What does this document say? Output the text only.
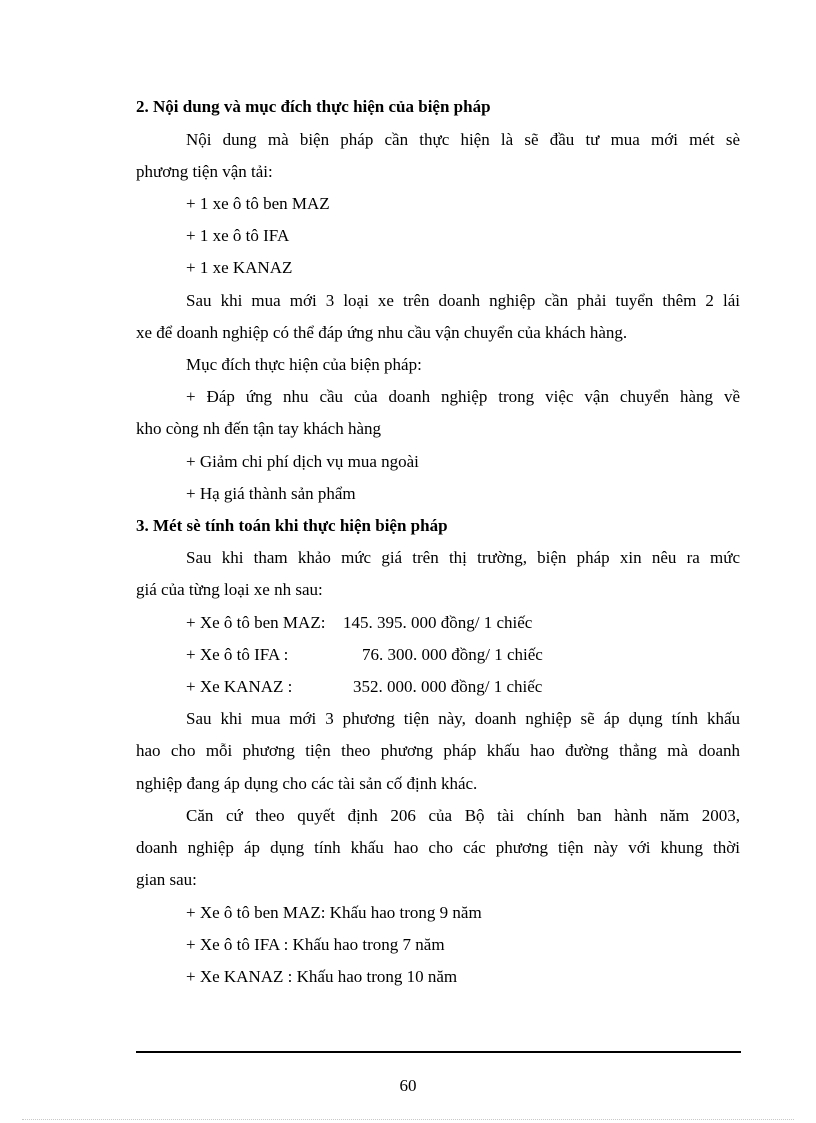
2. Nội dung và mục đích thực hiện của biện pháp
Nội dung mà biện pháp cần thực hiện là sẽ đầu tư mua mới mét sè
phương tiện vận tải:
+ 1 xe ô tô ben MAZ
+ 1 xe ô tô IFA
+ 1 xe KANAZ
Sau khi mua mới 3 loại xe trên doanh nghiệp cần phải tuyển thêm 2 lái
xe để doanh nghiệp có thể đáp ứng nhu cầu vận chuyển của khách hàng.
Mục đích thực hiện của biện pháp:
+ Đáp ứng nhu cầu của doanh nghiệp trong việc vận chuyển hàng về
kho còng nh đến tận tay khách hàng
+ Giảm chi phí dịch vụ mua ngoài
+ Hạ giá thành sản phẩm
3. Mét sè tính toán khi thực hiện biện pháp
Sau khi tham khảo mức giá trên thị trường, biện pháp xin nêu ra mức
giá của từng loại xe nh sau:
+ Xe ô tô ben MAZ: 145. 395. 000 đồng/ 1 chiếc
+ Xe ô tô IFA :	76. 300. 000 đồng/ 1 chiếc
+ Xe KANAZ :	352. 000. 000 đồng/ 1 chiếc
Sau khi mua mới 3 phương tiện này, doanh nghiệp sẽ áp dụng tính khấu
hao cho mỗi phương tiện theo phương pháp khấu hao đường thẳng mà doanh
nghiệp đang áp dụng cho các tài sản cố định khác.
Căn cứ theo quyết định 206 của Bộ tài chính ban hành năm 2003,
doanh nghiệp áp dụng tính khấu hao cho các phương tiện này với khung thời
gian sau:
+ Xe ô tô ben MAZ: Khấu hao trong 9 năm
+ Xe ô tô IFA : Khấu hao trong 7 năm
+ Xe KANAZ : Khấu hao trong 10 năm
60
